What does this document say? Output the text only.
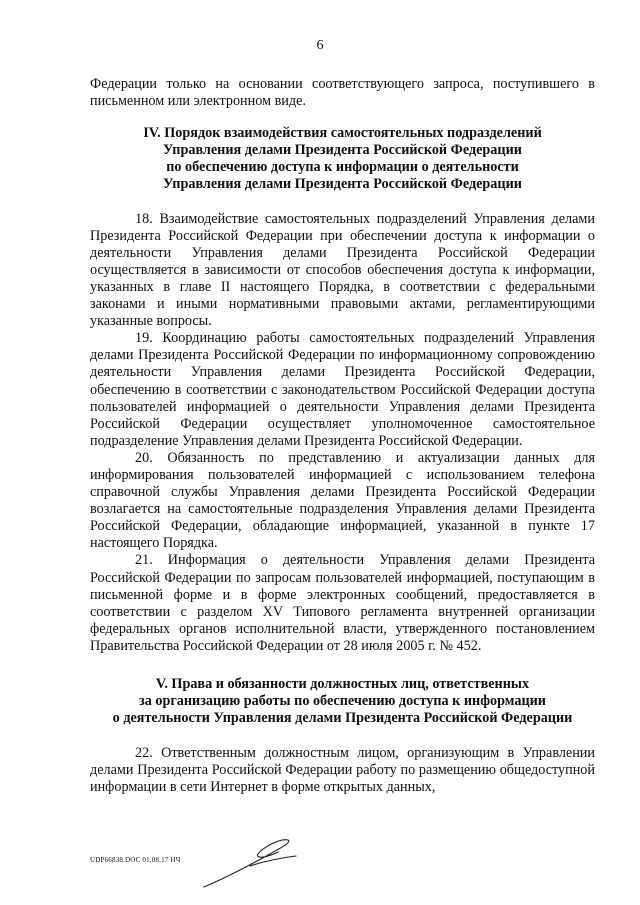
6

Федерации только на основании соответствующего запроса, поступившего в письменном или электронном виде.

IV. Порядок взаимодействия самостоятельных подразделений
Управления делами Президента Российской Федерации
по обеспечению доступа к информации о деятельности
Управления делами Президента Российской Федерации

18. Взаимодействие самостоятельных подразделений Управления делами Президента Российской Федерации при обеспечении доступа к информации о деятельности Управления делами Президента Российской Федерации осуществляется в зависимости от способов обеспечения доступа к информации, указанных в главе II настоящего Порядка, в соответствии с федеральными законами и иными нормативными правовыми актами, регламентирующими указанные вопросы.

19. Координацию работы самостоятельных подразделений Управления делами Президента Российской Федерации по информационному сопровождению деятельности Управления делами Президента Российской Федерации, обеспечению в соответствии с законодательством Российской Федерации доступа пользователей информацией о деятельности Управления делами Президента Российской Федерации осуществляет уполномоченное самостоятельное подразделение Управления делами Президента Российской Федерации.

20. Обязанность по представлению и актуализации данных для информирования пользователей информацией с использованием телефона справочной службы Управления делами Президента Российской Федерации возлагается на самостоятельные подразделения Управления делами Президента Российской Федерации, обладающие информацией, указанной в пункте 17 настоящего Порядка.

21. Информация о деятельности Управления делами Президента Российской Федерации по запросам пользователей информацией, поступающим в письменной форме и в форме электронных сообщений, предоставляется в соответствии с разделом XV Типового регламента внутренней организации федеральных органов исполнительной власти, утвержденного постановлением Правительства Российской Федерации от 28 июля 2005 г. № 452.

V. Права и обязанности должностных лиц, ответственных
за организацию работы по обеспечению доступа к информации
о деятельности Управления делами Президента Российской Федерации

22. Ответственным должностным лицом, организующим в Управлении делами Президента Российской Федерации работу по размещению общедоступной информации в сети Интернет в форме открытых данных,

UDP66838.DOC 01.08.17 НЧ
